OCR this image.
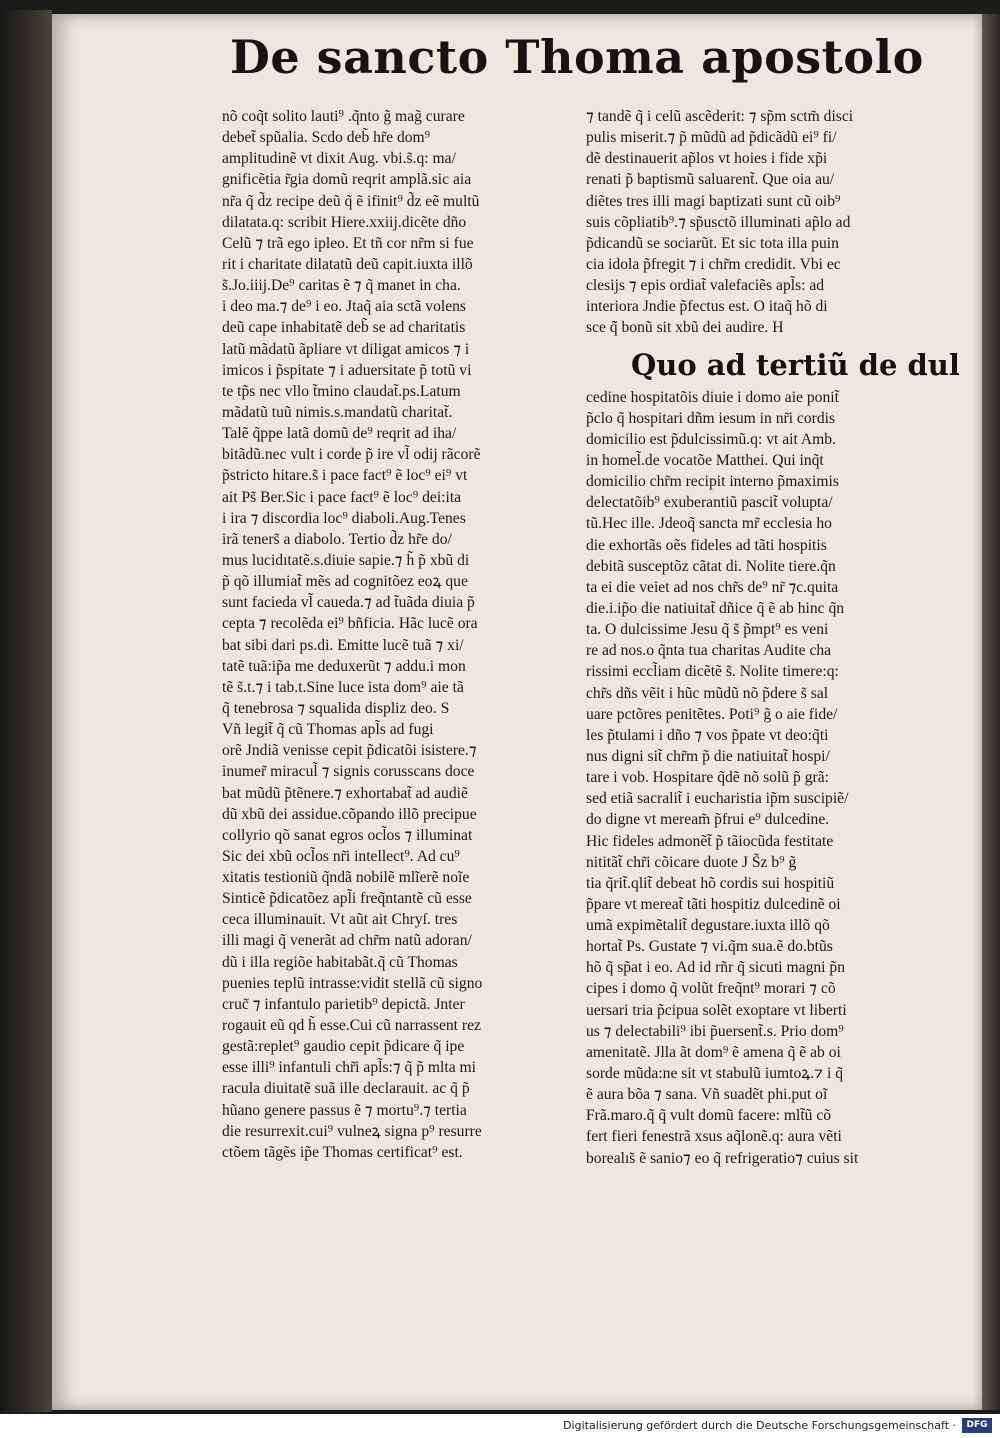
De sancto Thoma apostolo
nõ coq̃t solito lauti⁹ .q̃nto g̃ mag̃ curare
debet̃ spũalia. Scdo deb̃ hr̃e dom⁹
amplitudinẽ vt dixit Aug. vbi.s̃.q: ma/
gnificẽtia r̃gia domũ reqrit amplã.sic aia
nr̃a q̃ d̃z recipe deũ q̃ ẽ ifinit⁹ d̃z eẽ multũ
dilatata.q: scribit Hiere.xxiij.dicẽte dño
Celũ ⁊ trã ego ipleo. Et tñ cor nr̃m si fue
rit i charitate dilatatũ deũ capit.iuxta illõ
s̃.Jo.iiij.De⁹ caritas ẽ ⁊ q̃ manet in cha.
i deo ma.⁊ de⁹ i eo. Jtaq̃ aia sctã volens
deũ cape inhabitatẽ deb̃ se ad charitatis
latũ mãdatũ ãpliare vt diligat amicos ⁊ i
imicos i p̃spitate ⁊ i aduersitate p̃ totũ vi
te tp̃s nec vllo t̃mino claudat̃.ps.Latum
mãdatũ tuũ nimis.s.mandatũ charitat̃.
Talẽ q̃ppe latã domũ de⁹ reqrit ad iha/
bitãdũ.nec vult i corde p̃ ire vl̃ odij rãcorẽ
p̃stricto hitare.s̃ i pace fact⁹ ẽ loc⁹ ei⁹ vt
ait Ps̃ Ber.Sic i pace fact⁹ ẽ loc⁹ dei:ita
i ira ⁊ discordia loc⁹ diaboli.Aug.Tenes
irã teners̃ a diabolo. Tertio d̃z hr̃e do/
mus lucidıtatẽ.s.diuie sapie.⁊ h̃ p̃ xbũ di
p̃ qõ illumiat̃ mẽs ad cognitõez eoꝝ que
sunt facieda vl̃ caueda.⁊ ad t̃uãda diuia p̃
cepta ⁊ recolẽda ei⁹ bñficia. Hãc lucẽ ora
bat sibi dari ps.di. Emitte lucẽ tuã ⁊ xi/
tatẽ tuã:ip̃a me deduxerũt ⁊ addu.i mon
tẽ s̃.t.⁊ i tab.t.Sine luce ista dom⁹ aie tã
q̃ tenebrosa ⁊ squalida displiz deo. S
Vñ legit̃ q̃ cũ Thomas apl̃s ad fugi
orẽ Jndiã venisse cepit p̃dicatõi isistere.⁊
inumer̃ miracul̃ ⁊ signis corusscans doce
bat mũdũ p̃tẽnere.⁊ exhortabat̃ ad audiẽ
dũ xbũ dei assidue.cõpando illõ precipue
collyrio qõ sanat egros ocl̃os ⁊ illuminat
Sic dei xbũ ocl̃os nr̃i intellect⁹. Ad cu⁹
xitatis testioniũ q̃ndã nobilẽ mlĩerẽ noĩe
Sinticẽ p̃dicatõez apl̃i freq̃ntantẽ cũ esse
ceca illuminauit. Vt aũt ait Chryſ. tres
illi magi q̃ venerãt ad chr̃m natũ adoran/
dũ i illa regiõe habitabãt.q̃ cũ Thomas
puenies teplũ intrasse:vidit stellã cũ signo
cruc̃ ⁊ infantulo parietib⁹ depictã. Jnter
rogauit eũ qd h̃ esse.Cui cũ narrassent rez
gestã:replet⁹ gaudio cepit p̃dicare q̃ ipe
esse illi⁹ infantuli chr̃i apl̃s:⁊ q̃ p̃ mlta mi
racula diuitatẽ suã ille declarauit. ac q̃ p̃
hũano genere passus ẽ ⁊ mortu⁹.⁊ tertia
die resurrexit.cui⁹ vulneꝝ signa p⁹ resurre
ctõem tãgẽs ip̃e Thomas certificat⁹ est.
⁊ tandẽ q̃ i celũ ascẽderit: ⁊ sp̃m sctm̃ disci
pulis miserit.⁊ p̃ mũdũ ad p̃dicãdũ ei⁹ fi/
dẽ destinauerit ap̃los vt hoies i fide xp̃i
renati p̃ baptismũ saluarent̃. Que oia au/
diẽtes tres illi magi baptizati sunt cũ oib⁹
suis cõpliatib⁹.⁊ sp̃usctõ illuminati ap̃lo ad
p̃dicandũ se sociarũt. Et sic tota illa puin
cia idola p̃fregit ⁊ i chr̃m credidit. Vbi ec
clesijs ⁊ epis ordiat̃ valefaciẽs apl̃s: ad
interiora Jndie p̃fectus est. O itaq̃ hõ di
sce q̃̃ bonũ sit xbũ dei audire. H
Quo ad tertiũ de dul
cedine hospitatõis diuie i domo aie ponit̃
p̃clo q̃ hospitari dñm iesum in nr̃i cordis
domicilio est p̃dulcissimũ.q: vt ait Amb.
in homel̃.de vocatõe Matthei. Qui inq̃t
domicilio chr̃m recipit interno p̃maximis
delectatõib⁹ exuberantiũ pascit̃ volupta/
tũ.Hec ille. Jdeoq̃ sancta mr̃ ecclesia ho
die exhortãs oẽs fideles ad tãti hospitis
debitã susceptõz cãtat di. Nolite tiere.q̃n
ta ei die veiet ad nos chr̃s de⁹ nr̃ ⁊c.quita
die.i.ip̃o die natiuitat̃ dñice q̃ ẽ ab hinc q̃n
ta. O dulcissime Jesu q̃ s̃ p̃mpt⁹ es veni
re ad nos.o q̃nta tua charitas Audite cha
rissimi eccl̃iam dicẽtẽ s̃. Nolite timere:q:
chr̃s dñs vẽit i hũc mũdũ nõ p̃dere s̃ sal
uare pctõres penitẽtes. Poti⁹ g̃ o aie fide/
les p̃tulami i dño ⁊ vos p̃pate vt deo:q̃ti
nus digni sit̃ chr̃m p̃ die natiuitat̃ hospi/
tare i vob. Hospitare q̃dẽ nõ solũ p̃ grã:
sed etiã sacralit̃ i eucharistia ip̃m suscipiẽ/
do digne vt meream̃ p̃frui e⁹ dulcedine.
Hic fideles admonẽt̃ p̃ tãiocũda festitate
nititãt̃ chr̃i cõicare duote J S̃z b⁹ g̃
tia q̃rit̃.qlit̃ debeat hõ cordis sui hospitiũ
p̃pare vt mereat̃ tãti hospitiz dulcedinẽ oi
umã expimẽtalit̃ degustare.iuxta illõ qõ
hortat̃ Ps. Gustate ⁊ vi.q̃m sua.ẽ do.btũs
hõ q̃ sp̃at i eo. Ad id rñr q̃ sicuti magni p̃n
cipes i domo q̃ volũt freq̃nt⁹ morari ⁊ cõ
uersari tria p̃cipua solẽt exoptare vt liberti
us ⁊ delectabili⁹ ibi p̃uersent̃.s. Prio dom⁹
amenitatẽ. Jlla ãt dom⁹ ẽ amena q̃ ẽ ab oi
sorde mũda:ne sit vt stabulũ iumtoꝝ.⁊ i q̃
ẽ aura bõa ⁊ sana. Vñ suadẽt phi.put oĩ
Frã.maro.q̃ q̃ vult domũ facere: mlt̃ũ cõ
fert fieri fenestrã xsus aq̃lonẽ.q: aura vẽti
borealı̃s ẽ sanio⁊ eo q̃ refrigeratio⁊ cuius sit
Digitalisierung gefördert durch die Deutsche Forschungsgemeinschaft ·	DFG
